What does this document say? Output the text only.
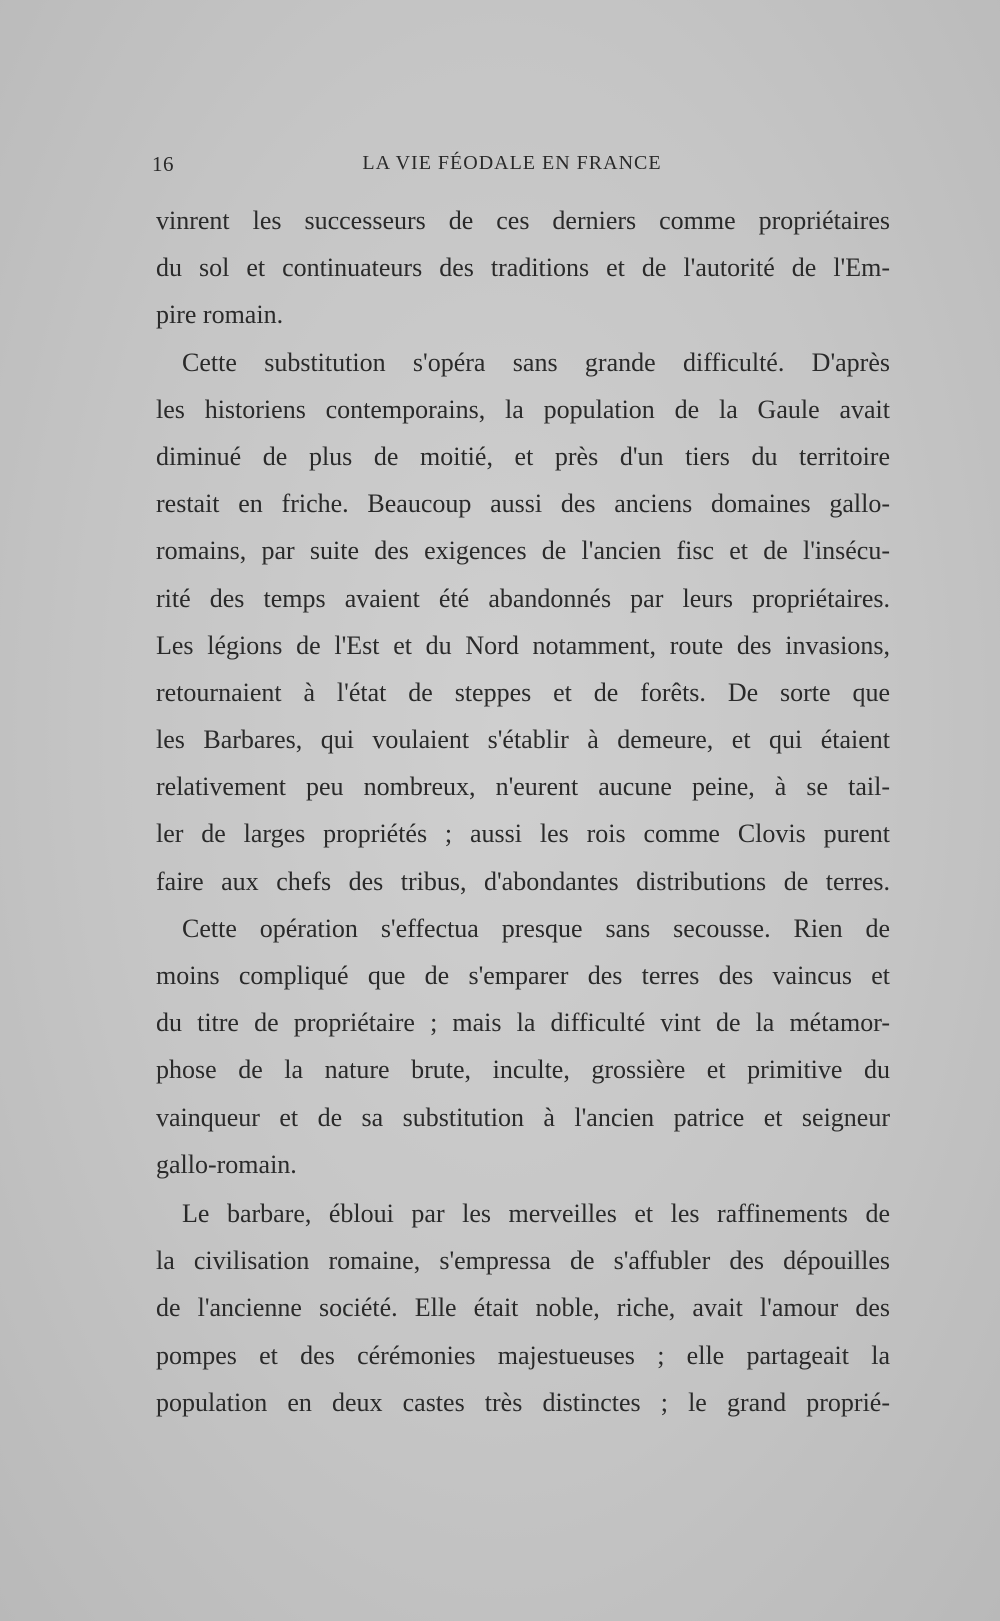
16	LA VIE FÉODALE EN FRANCE
vinrent les successeurs de ces derniers comme propriétaires
du sol et continuateurs des traditions et de l'autorité de l'Em-
pire romain.
Cette substitution s'opéra sans grande difficulté. D'après
les historiens contemporains, la population de la Gaule avait
diminué de plus de moitié, et près d'un tiers du territoire
restait en friche. Beaucoup aussi des anciens domaines gallo-
romains, par suite des exigences de l'ancien fisc et de l'insécu-
rité des temps avaient été abandonnés par leurs propriétaires.
Les légions de l'Est et du Nord notamment, route des invasions,
retournaient à l'état de steppes et de forêts. De sorte que
les Barbares, qui voulaient s'établir à demeure, et qui étaient
relativement peu nombreux, n'eurent aucune peine, à se tail-
ler de larges propriétés ; aussi les rois comme Clovis purent
faire aux chefs des tribus, d'abondantes distributions de terres.
Cette opération s'effectua presque sans secousse. Rien de
moins compliqué que de s'emparer des terres des vaincus et
du titre de propriétaire ; mais la difficulté vint de la métamor-
phose de la nature brute, inculte, grossière et primitive du
vainqueur et de sa substitution à l'ancien patrice et seigneur
gallo-romain.
Le barbare, ébloui par les merveilles et les raffinements de
la civilisation romaine, s'empressa de s'affubler des dépouilles
de l'ancienne société. Elle était noble, riche, avait l'amour des
pompes et des cérémonies majestueuses ; elle partageait la
population en deux castes très distinctes ; le grand proprié-
